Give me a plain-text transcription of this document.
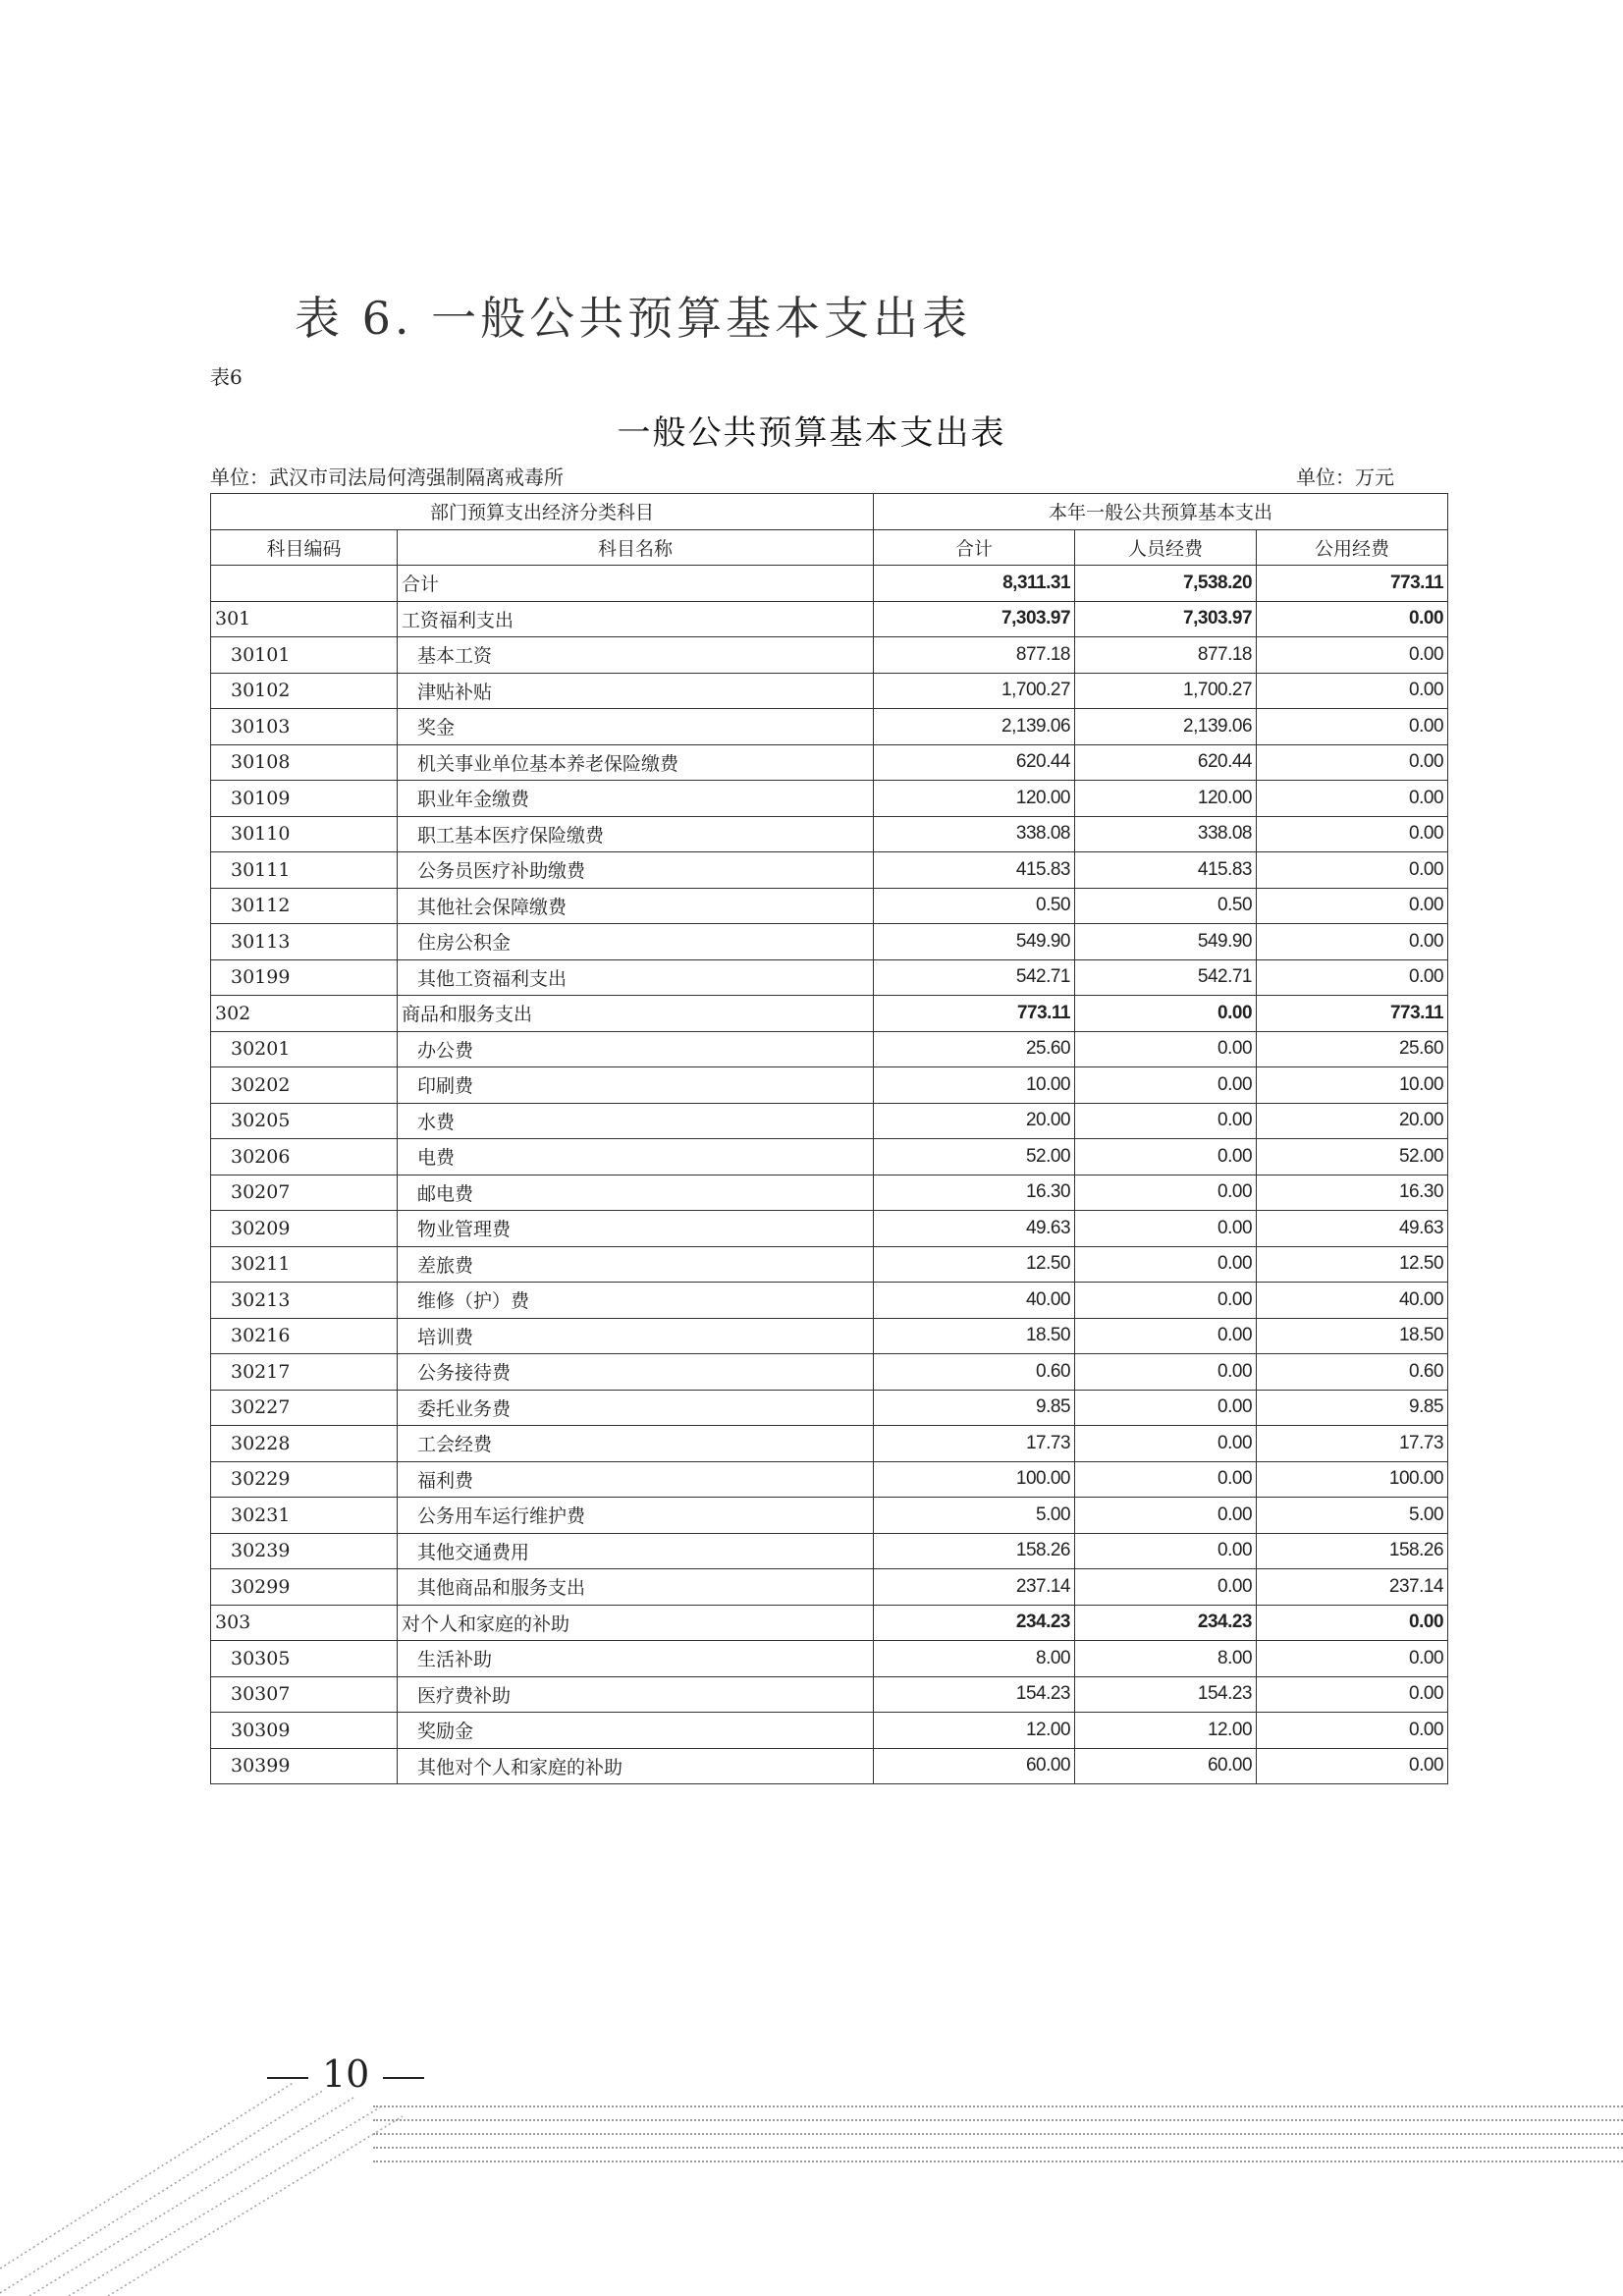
表 6. 一般公共预算基本支出表
表6
一般公共预算基本支出表
单位：武汉市司法局何湾强制隔离戒毒所	单位：万元
部门预算支出经济分类科目		本年一般公共预算基本支出		
科目编码	科目名称	合计	人员经费	公用经费
	合计	8,311.31	7,538.20	773.11
301	工资福利支出	7,303.97	7,303.97	0.00
30101	基本工资	877.18	877.18	0.00
30102	津贴补贴	1,700.27	1,700.27	0.00
30103	奖金	2,139.06	2,139.06	0.00
30108	机关事业单位基本养老保险缴费	620.44	620.44	0.00
30109	职业年金缴费	120.00	120.00	0.00
30110	职工基本医疗保险缴费	338.08	338.08	0.00
30111	公务员医疗补助缴费	415.83	415.83	0.00
30112	其他社会保障缴费	0.50	0.50	0.00
30113	住房公积金	549.90	549.90	0.00
30199	其他工资福利支出	542.71	542.71	0.00
302	商品和服务支出	773.11	0.00	773.11
30201	办公费	25.60	0.00	25.60
30202	印刷费	10.00	0.00	10.00
30205	水费	20.00	0.00	20.00
30206	电费	52.00	0.00	52.00
30207	邮电费	16.30	0.00	16.30
30209	物业管理费	49.63	0.00	49.63
30211	差旅费	12.50	0.00	12.50
30213	维修（护）费	40.00	0.00	40.00
30216	培训费	18.50	0.00	18.50
30217	公务接待费	0.60	0.00	0.60
30227	委托业务费	9.85	0.00	9.85
30228	工会经费	17.73	0.00	17.73
30229	福利费	100.00	0.00	100.00
30231	公务用车运行维护费	5.00	0.00	5.00
30239	其他交通费用	158.26	0.00	158.26
30299	其他商品和服务支出	237.14	0.00	237.14
303	对个人和家庭的补助	234.23	234.23	0.00
30305	生活补助	8.00	8.00	0.00
30307	医疗费补助	154.23	154.23	0.00
30309	奖励金	12.00	12.00	0.00
30399	其他对个人和家庭的补助	60.00	60.00	0.00
10
